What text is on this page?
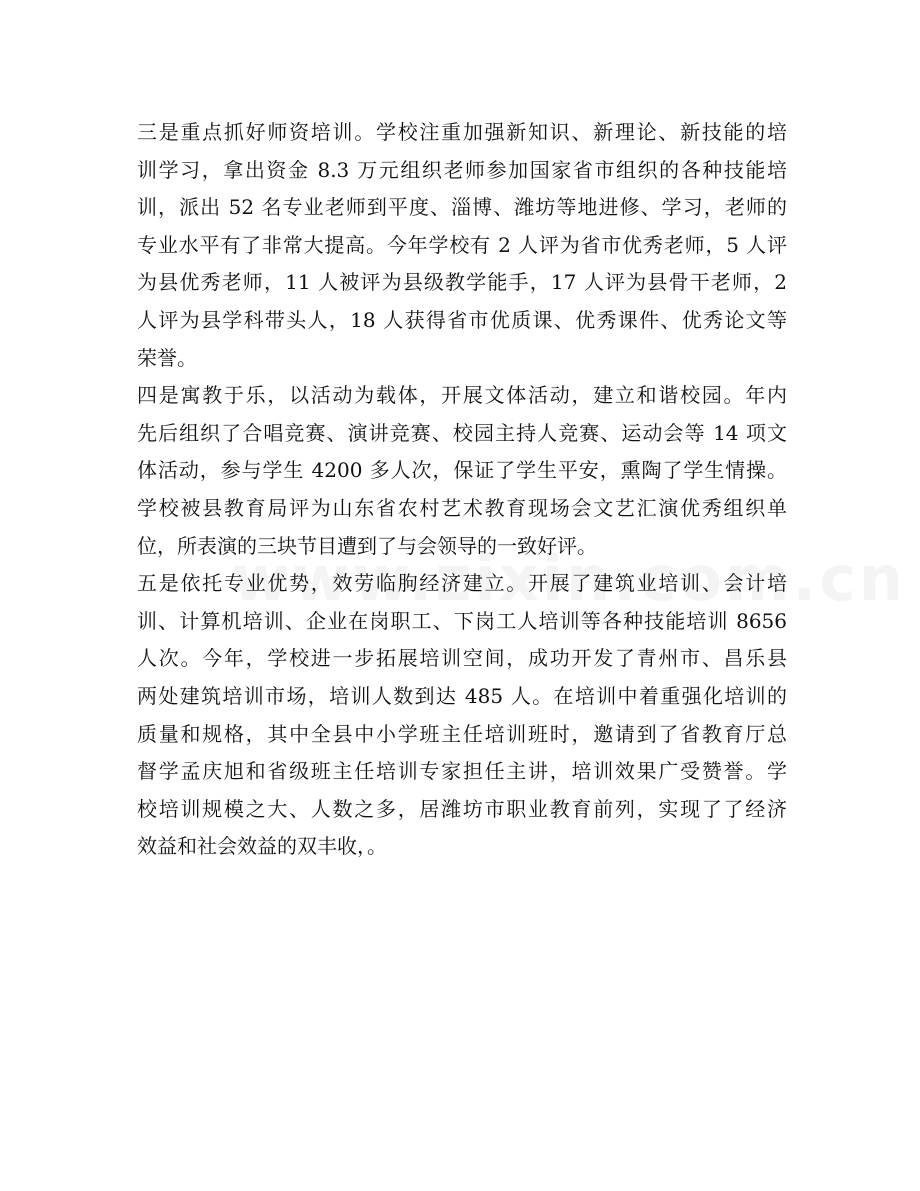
三是重点抓好师资培训。学校注重加强新知识、新理论、新技能的培
训学习，拿出资金 8.3 万元组织老师参加国家省市组织的各种技能培
训，派出 52 名专业老师到平度、淄博、潍坊等地进修、学习，老师的
专业水平有了非常大提高。今年学校有 2 人评为省市优秀老师，5 人评
为县优秀老师，11 人被评为县级教学能手，17 人评为县骨干老师，2
人评为县学科带头人，18 人获得省市优质课、优秀课件、优秀论文等
荣誉。
四是寓教于乐，以活动为载体，开展文体活动，建立和谐校园。年内
先后组织了合唱竞赛、演讲竞赛、校园主持人竞赛、运动会等 14 项文
体活动，参与学生 4200 多人次，保证了学生平安，熏陶了学生情操。
学校被县教育局评为山东省农村艺术教育现场会文艺汇演优秀组织单
位，所表演的三块节目遭到了与会领导的一致好评。
五是依托专业优势，效劳临朐经济建立。开展了建筑业培训、会计培
训、计算机培训、企业在岗职工、下岗工人培训等各种技能培训 8656
人次。今年，学校进一步拓展培训空间，成功开发了青州市、昌乐县
两处建筑培训市场，培训人数到达 485 人。在培训中着重强化培训的
质量和规格，其中全县中小学班主任培训班时，邀请到了省教育厅总
督学孟庆旭和省级班主任培训专家担任主讲，培训效果广受赞誉。学
校培训规模之大、人数之多，居潍坊市职业教育前列，实现了了经济
效益和社会效益的双丰收，。
